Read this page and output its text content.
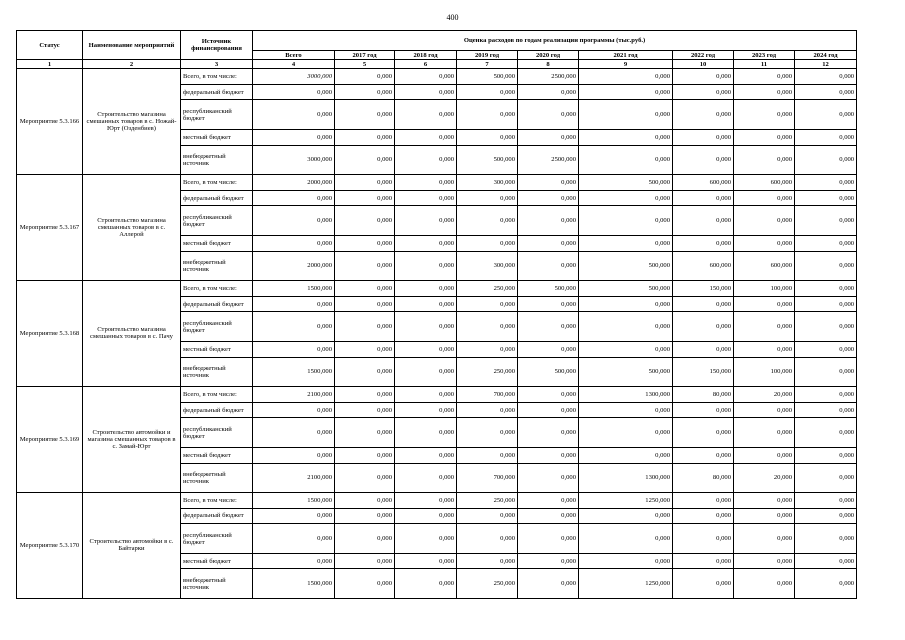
400
Статус	Наименование мероприятий	Источник финансирования	Оценка расходов по годам реализации программы (тыс.руб.)								
			Всего	2017 год	2018 год	2019 год	2020 год	2021 год	2022 год	2023 год	2024 год
1	2	3	4	5	6	7	8	9	10	11	12
Мероприятие 5.3.166	Строительство магазина смешанных товаров в с. Ножай-Юрт (Озденбиев)	Всего, в том числе:	3000,000	0,000	0,000	500,000	2500,000	0,000	0,000	0,000	0,000
		федеральный бюджет	0,000	0,000	0,000	0,000	0,000	0,000	0,000	0,000	0,000
		республиканский бюджет	0,000	0,000	0,000	0,000	0,000	0,000	0,000	0,000	0,000
		местный бюджет	0,000	0,000	0,000	0,000	0,000	0,000	0,000	0,000	0,000
		внебюджетный источник	3000,000	0,000	0,000	500,000	2500,000	0,000	0,000	0,000	0,000
Мероприятие 5.3.167	Строительство магазина смешанных товаров в с. Аллерой	Всего, в том числе:	2000,000	0,000	0,000	300,000	0,000	500,000	600,000	600,000	0,000
		федеральный бюджет	0,000	0,000	0,000	0,000	0,000	0,000	0,000	0,000	0,000
		республиканский бюджет	0,000	0,000	0,000	0,000	0,000	0,000	0,000	0,000	0,000
		местный бюджет	0,000	0,000	0,000	0,000	0,000	0,000	0,000	0,000	0,000
		внебюджетный источник	2000,000	0,000	0,000	300,000	0,000	500,000	600,000	600,000	0,000
Мероприятие 5.3.168	Строительство магазина смешанных товаров в с. Пачу	Всего, в том числе:	1500,000	0,000	0,000	250,000	500,000	500,000	150,000	100,000	0,000
		федеральный бюджет	0,000	0,000	0,000	0,000	0,000	0,000	0,000	0,000	0,000
		республиканский бюджет	0,000	0,000	0,000	0,000	0,000	0,000	0,000	0,000	0,000
		местный бюджет	0,000	0,000	0,000	0,000	0,000	0,000	0,000	0,000	0,000
		внебюджетный источник	1500,000	0,000	0,000	250,000	500,000	500,000	150,000	100,000	0,000
Мероприятие 5.3.169	Строительство автомойки и магазина смешанных товаров в с. Замай-Юрт	Всего, в том числе:	2100,000	0,000	0,000	700,000	0,000	1300,000	80,000	20,000	0,000
		федеральный бюджет	0,000	0,000	0,000	0,000	0,000	0,000	0,000	0,000	0,000
		республиканский бюджет	0,000	0,000	0,000	0,000	0,000	0,000	0,000	0,000	0,000
		местный бюджет	0,000	0,000	0,000	0,000	0,000	0,000	0,000	0,000	0,000
		внебюджетный источник	2100,000	0,000	0,000	700,000	0,000	1300,000	80,000	20,000	0,000
Мероприятие 5.3.170	Строительство автомойки в с. Байтарки	Всего, в том числе:	1500,000	0,000	0,000	250,000	0,000	1250,000	0,000	0,000	0,000
		федеральный бюджет	0,000	0,000	0,000	0,000	0,000	0,000	0,000	0,000	0,000
		республиканский бюджет	0,000	0,000	0,000	0,000	0,000	0,000	0,000	0,000	0,000
		местный бюджет	0,000	0,000	0,000	0,000	0,000	0,000	0,000	0,000	0,000
		внебюджетный источник	1500,000	0,000	0,000	250,000	0,000	1250,000	0,000	0,000	0,000
